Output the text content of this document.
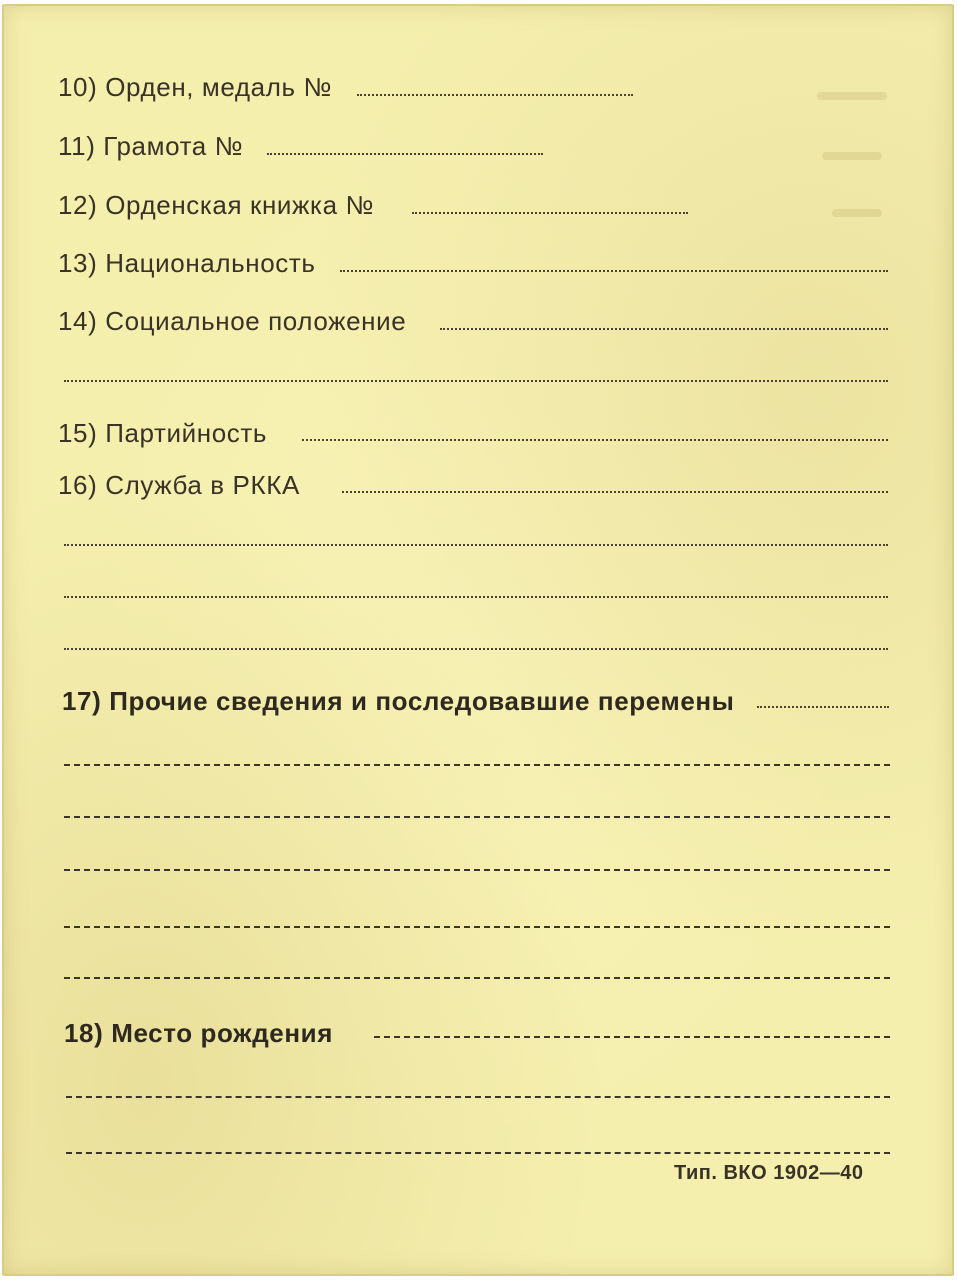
10) Орден, медаль №
11) Грамота №
12) Орденская книжка №
13) Национальность
14) Социальное положение
15) Партийность
16) Служба в РККА
17) Прочие сведения и последовавшие перемены
18) Место рождения
Тип. ВКО 1902—40
